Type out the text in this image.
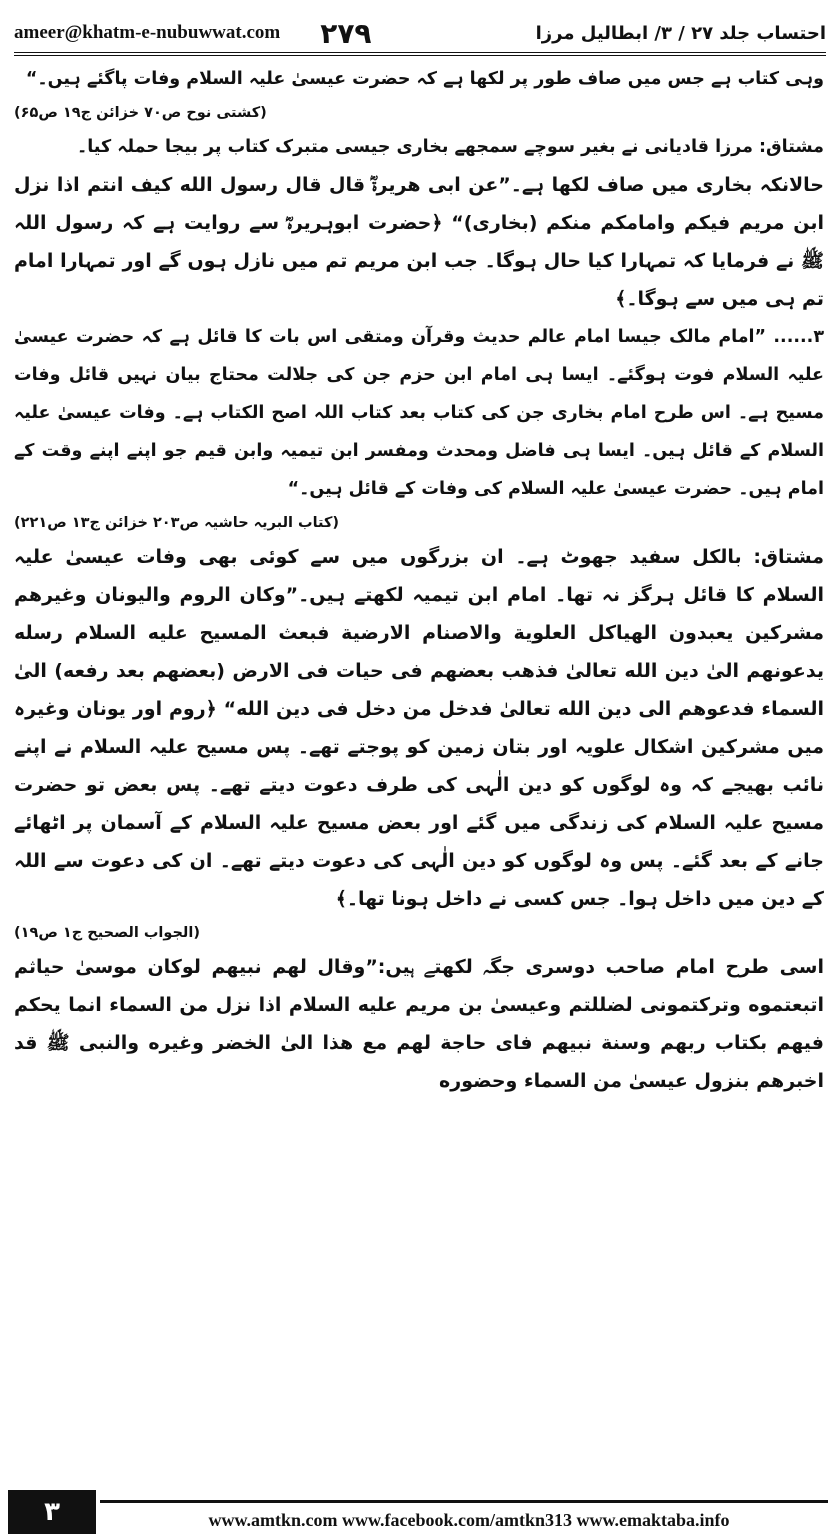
ameer@khatm-e-nubuwwat.com ۲۷۹	احتساب جلد ۲۷ / ۳/ ابطالیل مرزا

وہی کتاب ہے جس میں صاف طور پر لکھا ہے کہ حضرت عیسیٰ علیہ السلام وفات پاگئے ہیں۔“

(کشتی نوح ص۷۰ خزائن ج۱۹ ص۶۵)

مشتاق: مرزا قادیانی نے بغیر سوچے سمجھے بخاری جیسی متبرک کتاب پر بیجا حملہ کیا۔

حالانکہ بخاری میں صاف لکھا ہے۔”عن ابی هريرةؓ قال قال رسول الله كيف انتم اذا نزل ابن مريم فيكم وامامكم منكم (بخاری)“ ﴿حضرت ابوہریرہؓ سے روایت ہے کہ رسول اللہ ﷺ نے فرمایا کہ تمہارا کیا حال ہوگا۔ جب ابن مریم تم میں نازل ہوں گے اور تمہارا امام تم ہی میں سے ہوگا۔﴾

۳...... ”امام مالک جیسا امام عالم حدیث وقرآن ومتقی اس بات کا قائل ہے کہ حضرت عیسیٰ علیہ السلام فوت ہوگئے۔ ایسا ہی امام ابن حزم جن کی جلالت محتاج بیان نہیں قائل وفات مسیح ہے۔ اس طرح امام بخاری جن کی کتاب بعد کتاب اللہ اصح الکتاب ہے۔ وفات عیسیٰ علیہ السلام کے قائل ہیں۔ ایسا ہی فاضل ومحدث ومفسر ابن تیمیہ وابن قیم جو اپنے اپنے وقت کے امام ہیں۔ حضرت عیسیٰ علیہ السلام کی وفات کے قائل ہیں۔“

(کتاب البریہ حاشیہ ص۲۰۳ خزائن ج۱۳ ص۲۲۱)

مشتاق: بالکل سفید جھوٹ ہے۔ ان بزرگوں میں سے کوئی بھی وفات عیسیٰ علیہ السلام کا قائل ہرگز نہ تھا۔ امام ابن تیمیہ لکھتے ہیں۔”وكان الروم واليونان وغيرهم مشركين يعبدون الهياكل العلوية والاصنام الارضية فبعث المسيح عليه السلام رسله يدعونهم الىٰ دين الله تعالىٰ فذهب بعضهم فى حيات فى الارض (بعضهم بعد رفعه) الىٰ السماء فدعوهم الى دين الله تعالىٰ فدخل من دخل فى دين الله“ ﴿روم اور یونان وغیرہ میں مشرکین اشکال علویہ اور بتان زمین کو پوجتے تھے۔ پس مسیح علیہ السلام نے اپنے نائب بھیجے کہ وہ لوگوں کو دین الٰہی کی طرف دعوت دیتے تھے۔ پس بعض تو حضرت مسیح علیہ السلام کی زندگی میں گئے اور بعض مسیح علیہ السلام کے آسمان پر اٹھائے جانے کے بعد گئے۔ پس وہ لوگوں کو دین الٰہی کی دعوت دیتے تھے۔ ان کی دعوت سے اللہ کے دین میں داخل ہوا۔ جس کسی نے داخل ہونا تھا۔﴾

(الجواب الصحیح ج۱ ص۱۹)

اسی طرح امام صاحب دوسری جگہ لکھتے ہیں:”وقال لهم نبيهم لوكان موسىٰ حياثم اتبعتموه وتركتمونى لضللتم وعيسىٰ بن مريم عليه السلام اذا نزل من السماء انما يحكم فيهم بكتاب ربهم وسنة نبيهم فاى حاجة لهم مع هذا الىٰ الخضر وغيره والنبى ﷺ قد اخبرهم بنزول عيسىٰ من السماء وحضوره

۳	www.amtkn.com www.facebook.com/amtkn313 www.emaktaba.info
